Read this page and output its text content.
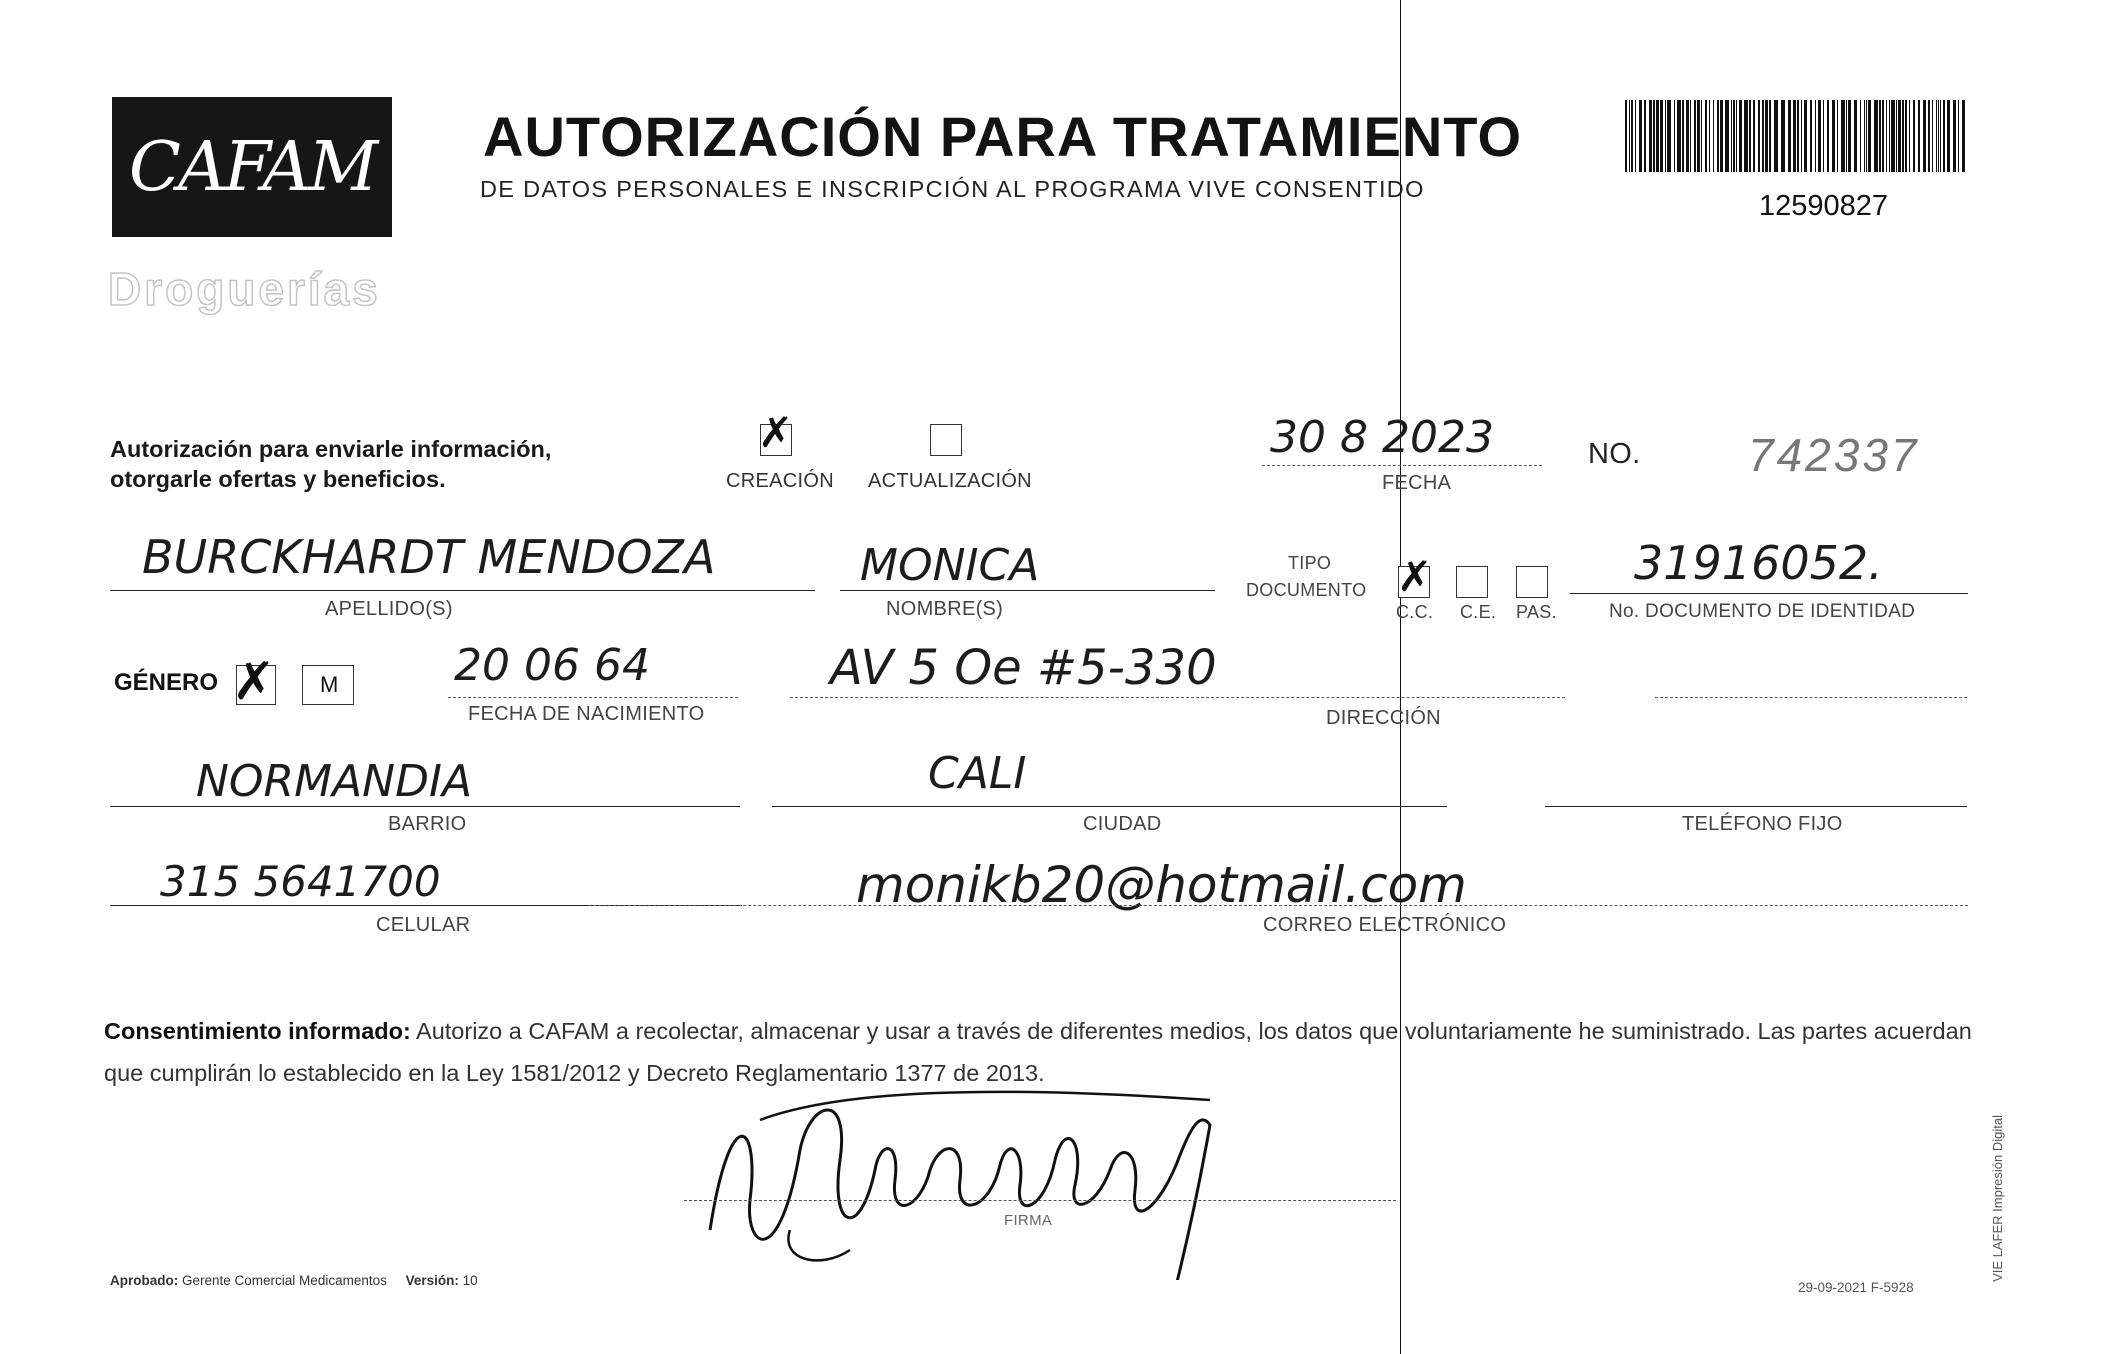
CAFAM
Droguerías
AUTORIZACIÓN PARA TRATAMIENTO
DE DATOS PERSONALES E INSCRIPCIÓN AL PROGRAMA VIVE CONSENTIDO
12590827
Autorización para enviarle información,
otorgarle ofertas y beneficios.
✗
CREACIÓN ACTUALIZACIÓN
30 8 2023
FECHA
NO. 742337
BURCKHARDT MENDOZA
APELLIDO(S)
MONICA
NOMBRE(S)
TIPO
DOCUMENTO ✗
C.C. C.E. PAS.
31916052.
No. DOCUMENTO DE IDENTIDAD
GÉNERO ✗ M	20 06 64
FECHA DE NACIMIENTO
AV 5 Oe #5-330
DIRECCIÓN
NORMANDIA
BARRIO
CALI
CIUDAD	TELÉFONO FIJO
315 5641700
CELULAR
monikb20@hotmail.com
CORREO ELECTRÓNICO
Consentimiento informado: Autorizo a CAFAM a recolectar, almacenar y usar a través de diferentes medios, los datos que voluntariamente he suministrado. Las partes acuerdan que cumplirán lo establecido en la Ley 1581/2012 y Decreto Reglamentario 1377 de 2013.
FIRMA
Aprobado: Gerente Comercial Medicamentos Versión: 10	29-09-2021 F-5928
VIE LAFER Impresión Digital
